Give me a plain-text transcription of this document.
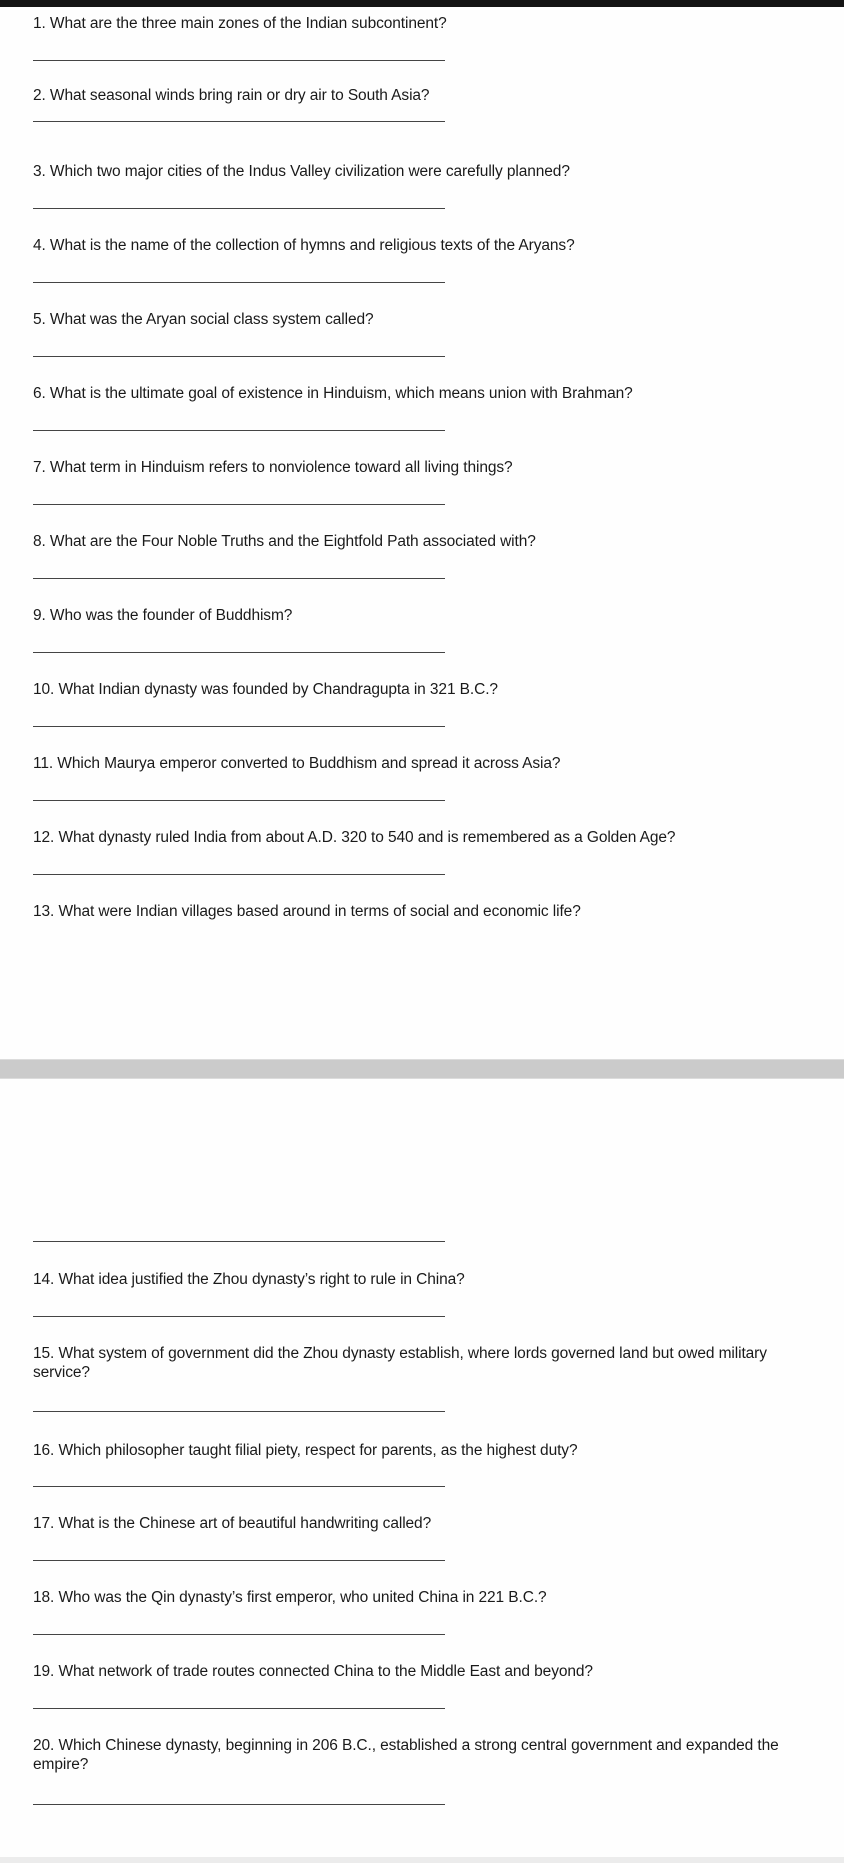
1. What are the three main zones of the Indian subcontinent?
2. What seasonal winds bring rain or dry air to South Asia?
3. Which two major cities of the Indus Valley civilization were carefully planned?
4. What is the name of the collection of hymns and religious texts of the Aryans?
5. What was the Aryan social class system called?
6. What is the ultimate goal of existence in Hinduism, which means union with Brahman?
7. What term in Hinduism refers to nonviolence toward all living things?
8. What are the Four Noble Truths and the Eightfold Path associated with?
9. Who was the founder of Buddhism?
10. What Indian dynasty was founded by Chandragupta in 321 B.C.?
11. Which Maurya emperor converted to Buddhism and spread it across Asia?
12. What dynasty ruled India from about A.D. 320 to 540 and is remembered as a Golden Age?
13. What were Indian villages based around in terms of social and economic life?
14. What idea justified the Zhou dynasty’s right to rule in China?
15. What system of government did the Zhou dynasty establish, where lords governed land but owed military service?
16. Which philosopher taught filial piety, respect for parents, as the highest duty?
17. What is the Chinese art of beautiful handwriting called?
18. Who was the Qin dynasty’s first emperor, who united China in 221 B.C.?
19. What network of trade routes connected China to the Middle East and beyond?
20. Which Chinese dynasty, beginning in 206 B.C., established a strong central government and expanded the empire?
